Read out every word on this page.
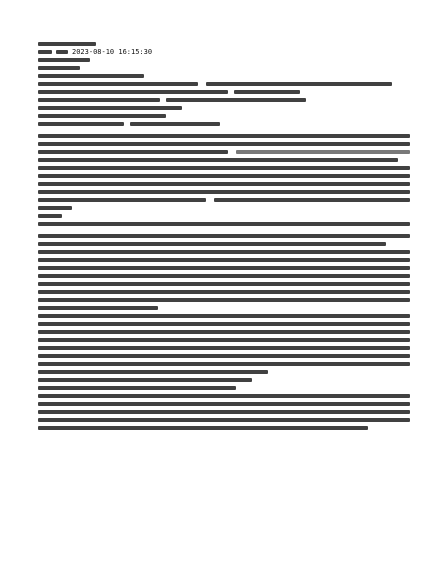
2023-08-10 16:15:30
